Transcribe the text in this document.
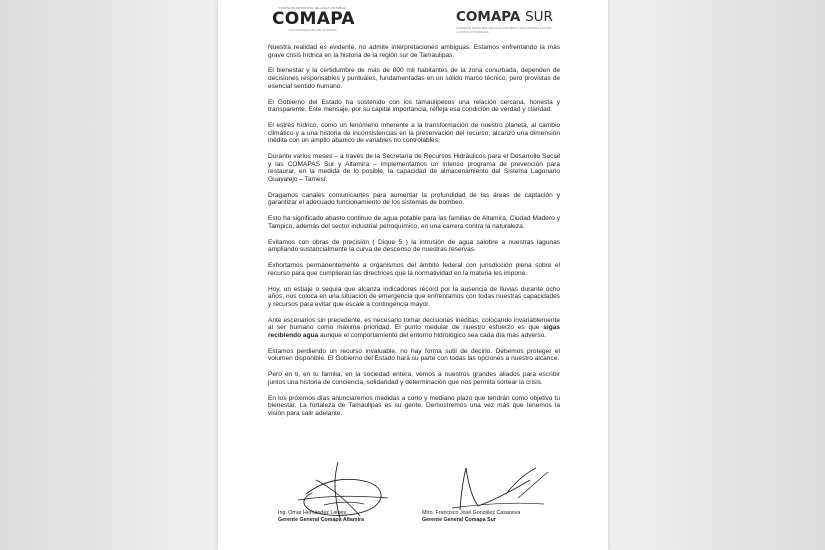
COMISIÓN MUNICIPAL DE AGUA POTABLE
COMAPA
Y ALCANTARILLADO DE ALTAMIRA
COMAPA SUR
COMISIÓN MUNICIPAL DE AGUA POTABLE Y ALCANTARILLADO DE LA ZONA CONURBADA

Nuestra realidad es evidente, no admite interpretaciones ambiguas. Estamos enfrentando la más grave crisis hídrica en la historia de la región sur de Tamaulipas.

El bienestar y la certidumbre de más de 800 mil habitantes de la zona conurbada, dependen de decisiones responsables y puntuales, fundamentadas en un sólido marco técnico, pero provistas de esencial sentido humano.

El Gobierno del Estado ha sostenido con los tamaulipecos una relación cercana, honesta y transparente. Este mensaje, por su capital importancia, refleja esa condición de verdad y claridad.

El estrés hídrico, como un fenómeno inherente a la transformación de nuestro planeta, al cambio climático y a una historia de inconsistencias en la preservación del recurso, alcanzó una dimensión inédita con un amplio abanico de variables no controlables.

Durante varios meses – a través de la Secretaría de Recursos Hidráulicos para el Desarrollo Social y las COMAPAS Sur y Altamira – implementamos un intenso programa de prevención para restaurar, en la medida de lo posible, la capacidad de almacenamiento del Sistema Lagunario Guayalejo – Tamesí.

Dragamos canales comunicantes para aumentar la profundidad de las áreas de captación y garantizar el adecuado funcionamiento de los sistemas de bombeo.

Esto ha significado abasto continuo de agua potable para las familias de Altamira, Ciudad Madero y Tampico, además del sector industrial petroquímico, en una carrera contra la naturaleza.

Evitamos con obras de precisión ( Dique 5 ) la intrusión de agua salobre a nuestras lagunas ampliando sustancialmente la curva de descenso de nuestras reservas.

Exhortamos permanentemente a organismos del ámbito federal con jurisdicción plena sobre el recurso para que cumplieran las directrices que la normatividad en la materia les impone.

Hoy, un estiaje o sequía que alcanza indicadores récord por la ausencia de lluvias durante ocho años, nos coloca en una situación de emergencia que enfrentamos con todas nuestras capacidades y recursos para evitar que escale a contingencia mayor.

Ante escenarios sin precedente, es necesario tomar decisiones inéditas, colocando invariablemente al ser humano como máxima prioridad. El punto medular de nuestro esfuerzo es que sigas recibiendo agua aunque el comportamiento del entorno hidrológico sea cada día más adverso.

Estamos perdiendo un recurso invaluable, no hay forma sutil de decirlo. Debemos proteger el volumen disponible. El Gobierno del Estado hará su parte con todas las opciones a nuestro alcance.

Pero en ti, en tu familia, en la sociedad entera, vemos a nuestros grandes aliados para escribir juntos una historia de conciencia, solidaridad y determinación que nos permita sortear la crisis.

En los próximos días anunciaremos medidas a corto y mediano plazo que tendrán como objetivo tu bienestar. La fortaleza de Tamaulipas es su gente. Demostremos una vez más que tenemos la visión para salir adelante.

Ing. Omar Hernández Leines
Gerente General Comapa Altamira
Mtro. Francisco José González Casanova
Gerente General Comapa Sur
